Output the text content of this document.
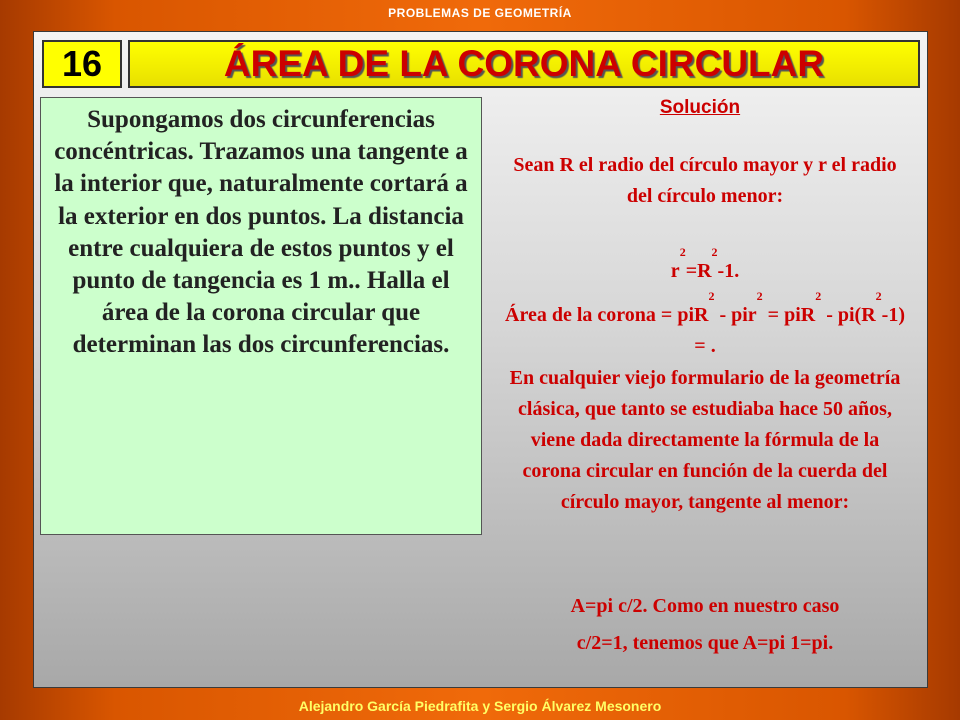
PROBLEMAS DE GEOMETRÍA
16	ÁREA DE LA CORONA CIRCULAR
Supongamos dos circunferencias concéntricas. Trazamos una tangente a la interior que, naturalmente cortará a la exterior en dos puntos. La distancia entre cualquiera de estos puntos y el punto de tangencia es 1 m.. Halla el área de la corona circular que determinan las dos circunferencias.
Solución
Sean R el radio del círculo mayor y r el radio del círculo menor:
$r^2=R^2-1$.
Área de la corona = $piR^2 - pir^2 = piR^2 - pi(R^2-1)$ = .
En cualquier viejo formulario de la geometría clásica, que tanto se estudiaba hace 50 años, viene dada directamente la fórmula de la corona circular en función de la cuerda del círculo mayor, tangente al menor:
A=pi c/2. Como en nuestro caso
c/2=1, tenemos que A=pi 1=pi.
Alejandro García Piedrafita y Sergio Álvarez Mesonero
